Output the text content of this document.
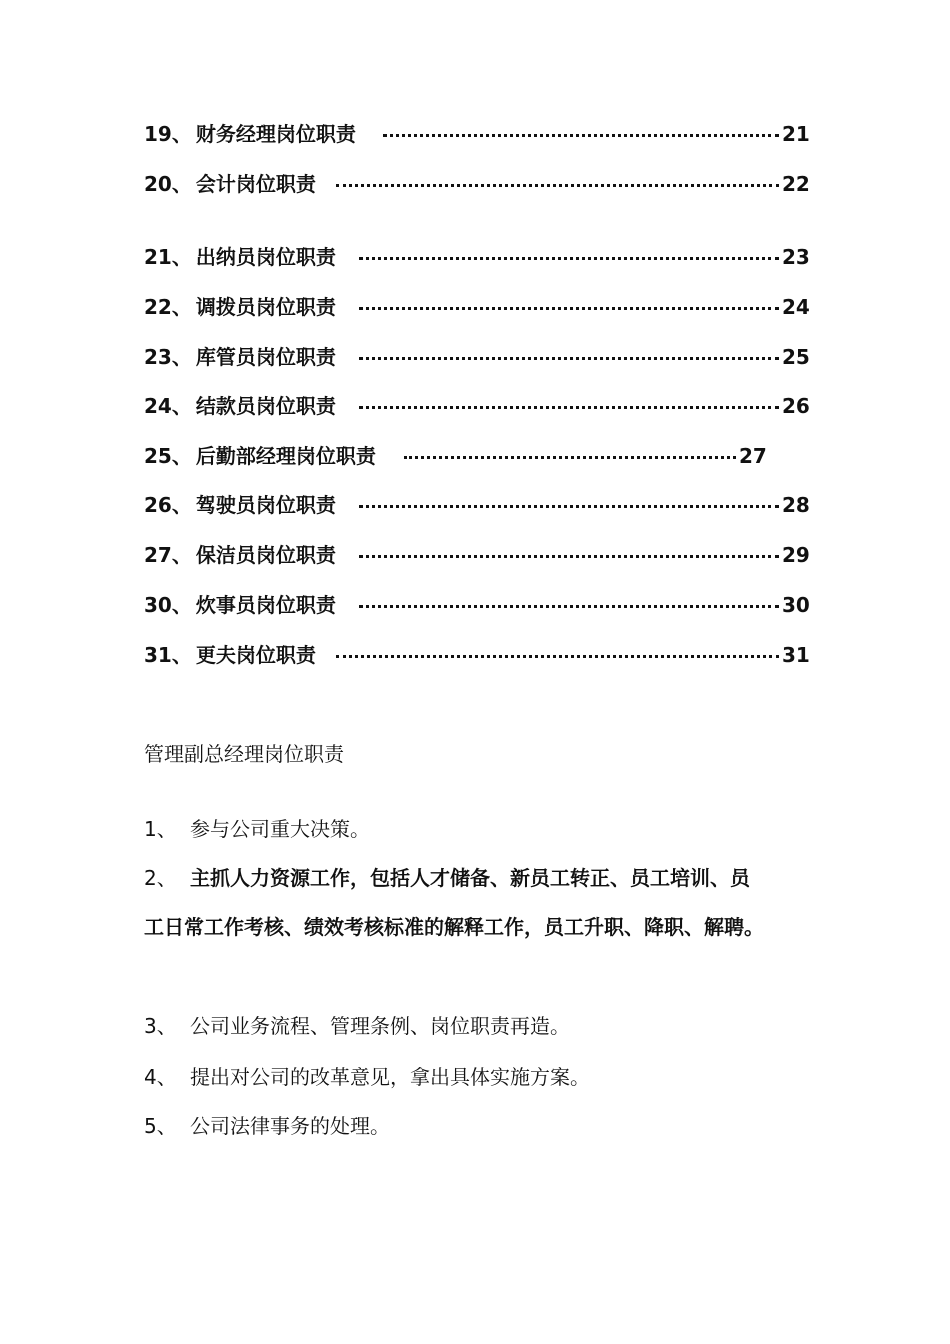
19、 财务经理岗位职责	21
20、 会计岗位职责	22
21、 出纳员岗位职责	23
22、 调拨员岗位职责	24
23、 库管员岗位职责	25
24、 结款员岗位职责	26
25、 后勤部经理岗位职责	27
26、 驾驶员岗位职责	28
27、 保洁员岗位职责	29
30、 炊事员岗位职责	30
31、 更夫岗位职责	31
管理副总经理岗位职责
1、 参与公司重大决策。
2、 主抓人力资源工作，包括人才储备、新员工转正、员工培训、员
工日常工作考核、绩效考核标准的解释工作，员工升职、降职、解聘。
3、 公司业务流程、管理条例、岗位职责再造。
4、 提出对公司的改革意见，拿出具体实施方案。
5、 公司法律事务的处理。
